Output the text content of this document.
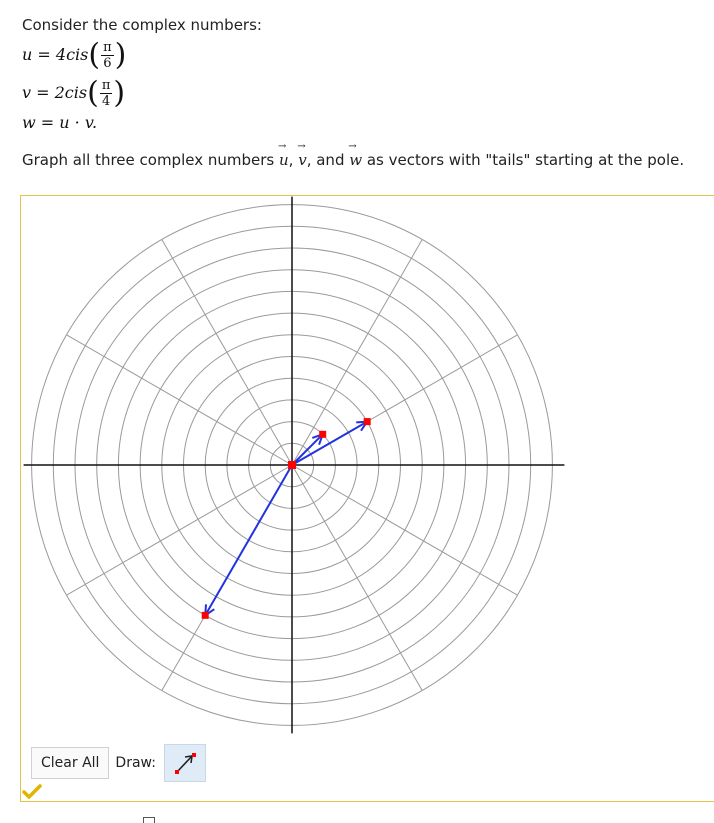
Consider the complex numbers:
$u = 4cis( \frac{\pi}{6}$ )
$v = 2cis( \frac{\pi}{4}$ )
w = u · v.
Graph all three complex numbers → u, → v, and → w as vectors with "tails" starting at the pole.
Clear All	Draw:
